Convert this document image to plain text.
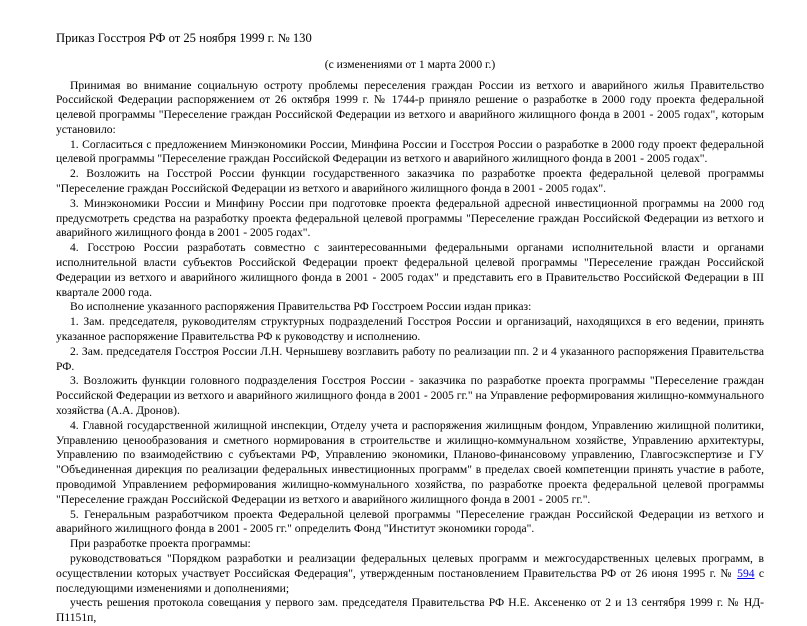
Приказ Госстроя РФ от 25 ноября 1999 г. № 130
(с изменениями от 1 марта 2000 г.)

Принимая во внимание социальную остроту проблемы переселения граждан России из ветхого и аварийного жилья Правительство Российской Федерации распоряжением от 26 октября 1999 г. № 1744-р приняло решение о разработке в 2000 году проекта федеральной целевой программы "Переселение граждан Российской Федерации из ветхого и аварийного жилищного фонда в 2001 - 2005 годах", которым установило:

1. Согласиться с предложением Минэкономики России, Минфина России и Госстроя России о разработке в 2000 году проект федеральной целевой программы "Переселение граждан Российской Федерации из ветхого и аварийного жилищного фонда в 2001 - 2005 годах".

2. Возложить на Госстрой России функции государственного заказчика по разработке проекта федеральной целевой программы "Переселение граждан Российской Федерации из ветхого и аварийного жилищного фонда в 2001 - 2005 годах".

3. Минэкономики России и Минфину России при подготовке проекта федеральной адресной инвестиционной программы на 2000 год предусмотреть средства на разработку проекта федеральной целевой программы "Переселение граждан Российской Федерации из ветхого и аварийного жилищного фонда в 2001 - 2005 годах".

4. Госстрою России разработать совместно с заинтересованными федеральными органами исполнительной власти и органами исполнительной власти субъектов Российской Федерации проект федеральной целевой программы "Переселение граждан Российской Федерации из ветхого и аварийного жилищного фонда в 2001 - 2005 годах" и представить его в Правительство Российской Федерации в III квартале 2000 года.

Во исполнение указанного распоряжения Правительства РФ Госстроем России издан приказ:

1. Зам. председателя, руководителям структурных подразделений Госстроя России и организаций, находящихся в его ведении, принять указанное распоряжение Правительства РФ к руководству и исполнению.

2. Зам. председателя Госстроя России Л.Н. Чернышеву возглавить работу по реализации пп. 2 и 4 указанного распоряжения Правительства РФ.

3. Возложить функции головного подразделения Госстроя России - заказчика по разработке проекта программы "Переселение граждан Российской Федерации из ветхого и аварийного жилищного фонда в 2001 - 2005 гг." на Управление реформирования жилищно-коммунального хозяйства (А.А. Дронов).

4. Главной государственной жилищной инспекции, Отделу учета и распоряжения жилищным фондом, Управлению жилищной политики, Управлению ценообразования и сметного нормирования в строительстве и жилищно-коммунальном хозяйстве, Управлению архитектуры, Управлению по взаимодействию с субъектами РФ, Управлению экономики, Планово-финансовому управлению, Главгосэкспертизе и ГУ "Объединенная дирекция по реализации федеральных инвестиционных программ" в пределах своей компетенции принять участие в работе, проводимой Управлением реформирования жилищно-коммунального хозяйства, по разработке проекта федеральной целевой программы "Переселение граждан Российской Федерации из ветхого и аварийного жилищного фонда в 2001 - 2005 гг.".

5. Генеральным разработчиком проекта Федеральной целевой программы "Переселение граждан Российской Федерации из ветхого и аварийного жилищного фонда в 2001 - 2005 гг." определить Фонд "Институт экономики города".

При разработке проекта программы:

руководствоваться "Порядком разработки и реализации федеральных целевых программ и межгосударственных целевых программ, в осуществлении которых участвует Российская Федерация", утвержденным постановлением Правительства РФ от 26 июня 1995 г. № 594 с последующими изменениями и дополнениями;

учесть решения протокола совещания у первого зам. председателя Правительства РФ Н.Е. Аксененко от 2 и 13 сентября 1999 г. № НД-П1151п,
